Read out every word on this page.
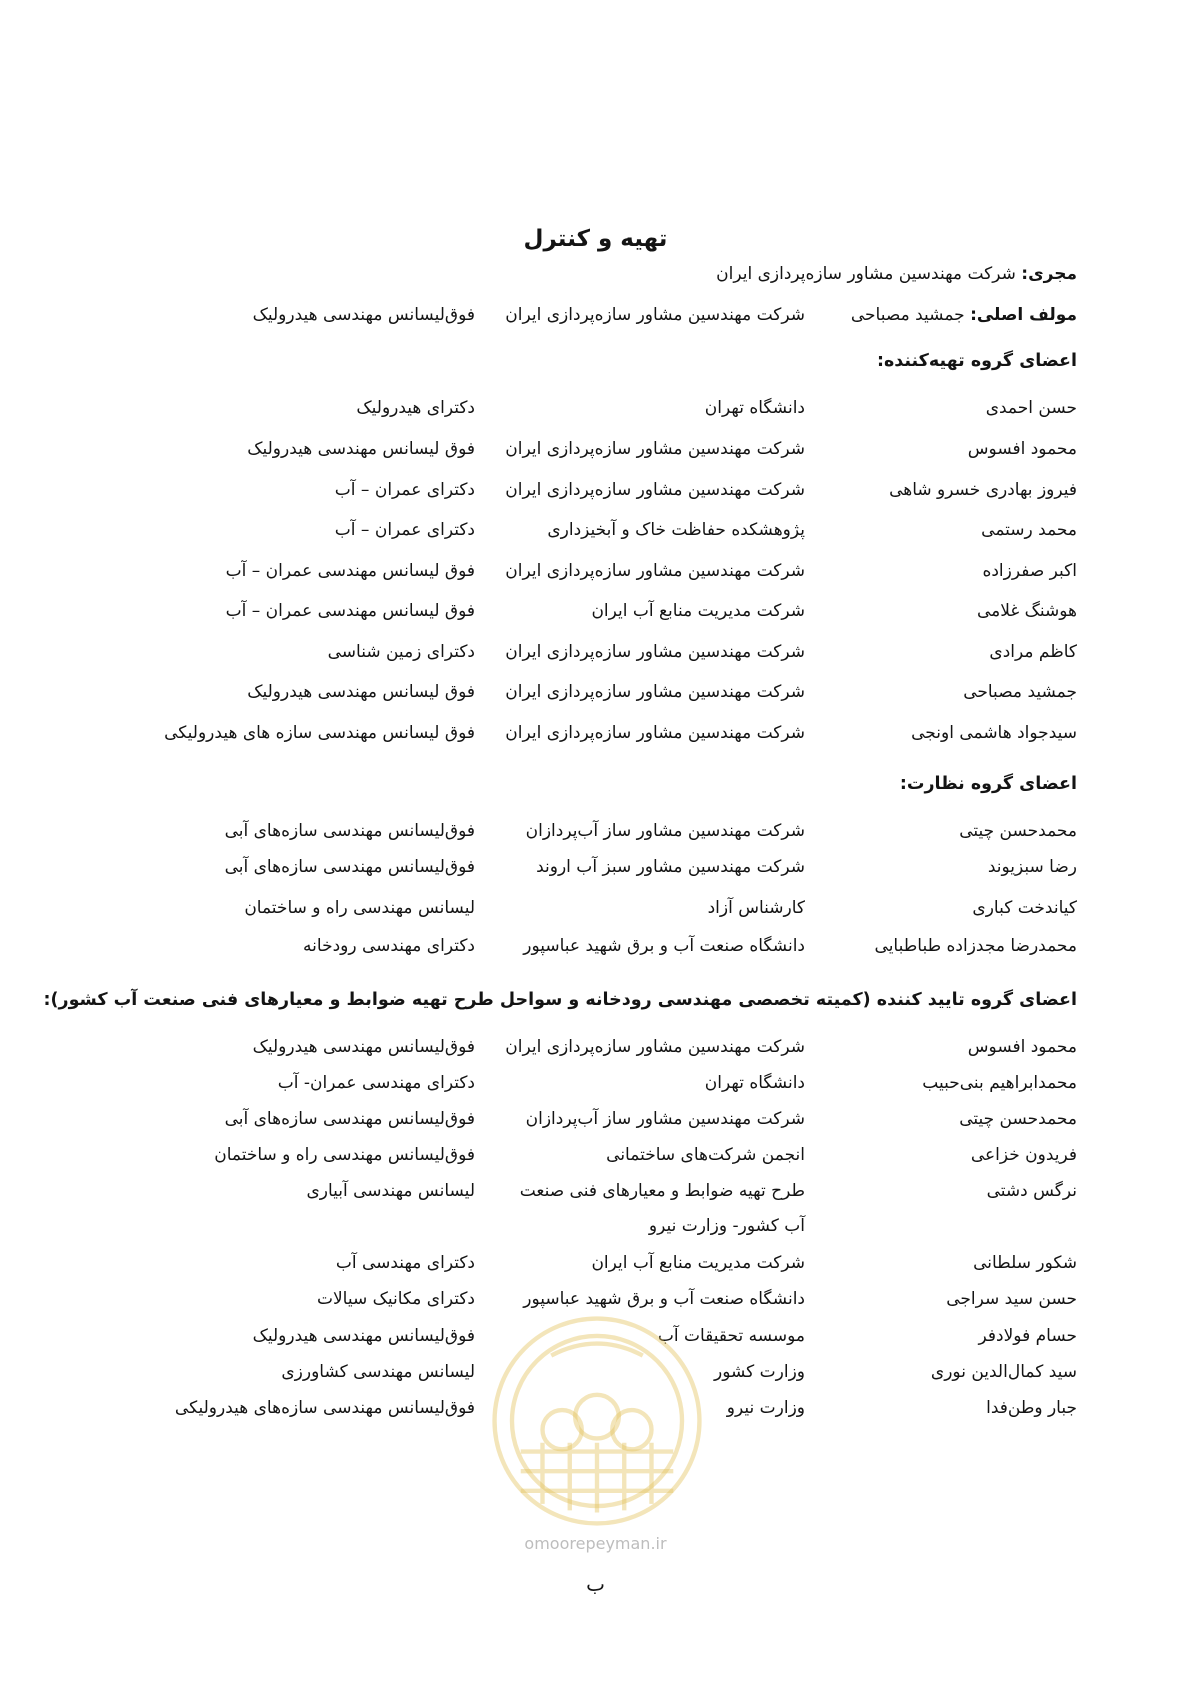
تهیه و کنترل
مجری: شرکت مهندسین مشاور سازه‌پردازی ایران
مولف اصلی: جمشید مصباحی
شرکت مهندسین مشاور سازه‌پردازی ایران
فوق‌لیسانس مهندسی هیدرولیک
اعضای گروه تهیه‌کننده:
حسن احمدی
دانشگاه تهران
دکترای هیدرولیک
محمود افسوس
شرکت مهندسین مشاور سازه‌پردازی ایران
فوق لیسانس مهندسی هیدرولیک
فیروز بهادری خسرو شاهی
شرکت مهندسین مشاور سازه‌پردازی ایران
دکترای عمران – آب
محمد رستمی
پژوهشکده حفاظت خاک و آبخیزداری
دکترای عمران – آب
اکبر صفرزاده
شرکت مهندسین مشاور سازه‌پردازی ایران
فوق لیسانس مهندسی عمران – آب
هوشنگ غلامی
شرکت مدیریت منابع آب ایران
فوق لیسانس مهندسی عمران – آب
کاظم مرادی
شرکت مهندسین مشاور سازه‌پردازی ایران
دکترای زمین شناسی
جمشید مصباحی
شرکت مهندسین مشاور سازه‌پردازی ایران
فوق لیسانس مهندسی هیدرولیک
سیدجواد هاشمی اونجی
شرکت مهندسین مشاور سازه‌پردازی ایران
فوق لیسانس مهندسی سازه های هیدرولیکی
اعضای گروه نظارت:
محمدحسن چیتی
شرکت مهندسین مشاور ساز آب‌پردازان
فوق‌لیسانس مهندسی سازه‌های آبی
رضا سبزیوند
شرکت مهندسین مشاور سبز آب اروند
فوق‌لیسانس مهندسی سازه‌های آبی
کیاندخت کباری
کارشناس آزاد
لیسانس مهندسی راه و ساختمان
محمدرضا مجدزاده طباطبایی
دانشگاه صنعت آب و برق شهید عباسپور
دکترای مهندسی رودخانه
اعضای گروه تایید کننده (کمیته تخصصی مهندسی رودخانه و سواحل طرح تهیه ضوابط و معیارهای فنی صنعت آب کشور):
محمود افسوس
شرکت مهندسین مشاور سازه‌پردازی ایران
فوق‌لیسانس مهندسی هیدرولیک
محمدابراهیم بنی‌حبیب
دانشگاه تهران
دکترای مهندسی عمران- آب
محمدحسن چیتی
شرکت مهندسین مشاور ساز آب‌پردازان
فوق‌لیسانس مهندسی سازه‌های آبی
فریدون خزاعی
انجمن شرکت‌های ساختمانی
فوق‌لیسانس مهندسی راه و ساختمان
نرگس دشتی
طرح تهیه ضوابط و معیارهای فنی صنعت
آب کشور- وزارت نیرو
لیسانس مهندسی آبیاری
شکور سلطانی
شرکت مدیریت منابع آب ایران
دکترای مهندسی آب
حسن سید سراجی
دانشگاه صنعت آب و برق شهید عباسپور
دکترای مکانیک سیالات
حسام فولادفر
موسسه تحقیقات آب
فوق‌لیسانس مهندسی هیدرولیک
سید کمال‌الدین نوری
وزارت کشور
لیسانس مهندسی کشاورزی
جبار وطن‌فدا
وزارت نیرو
فوق‌لیسانس مهندسی سازه‌های هیدرولیکی
omoorepeyman.ir
ب
